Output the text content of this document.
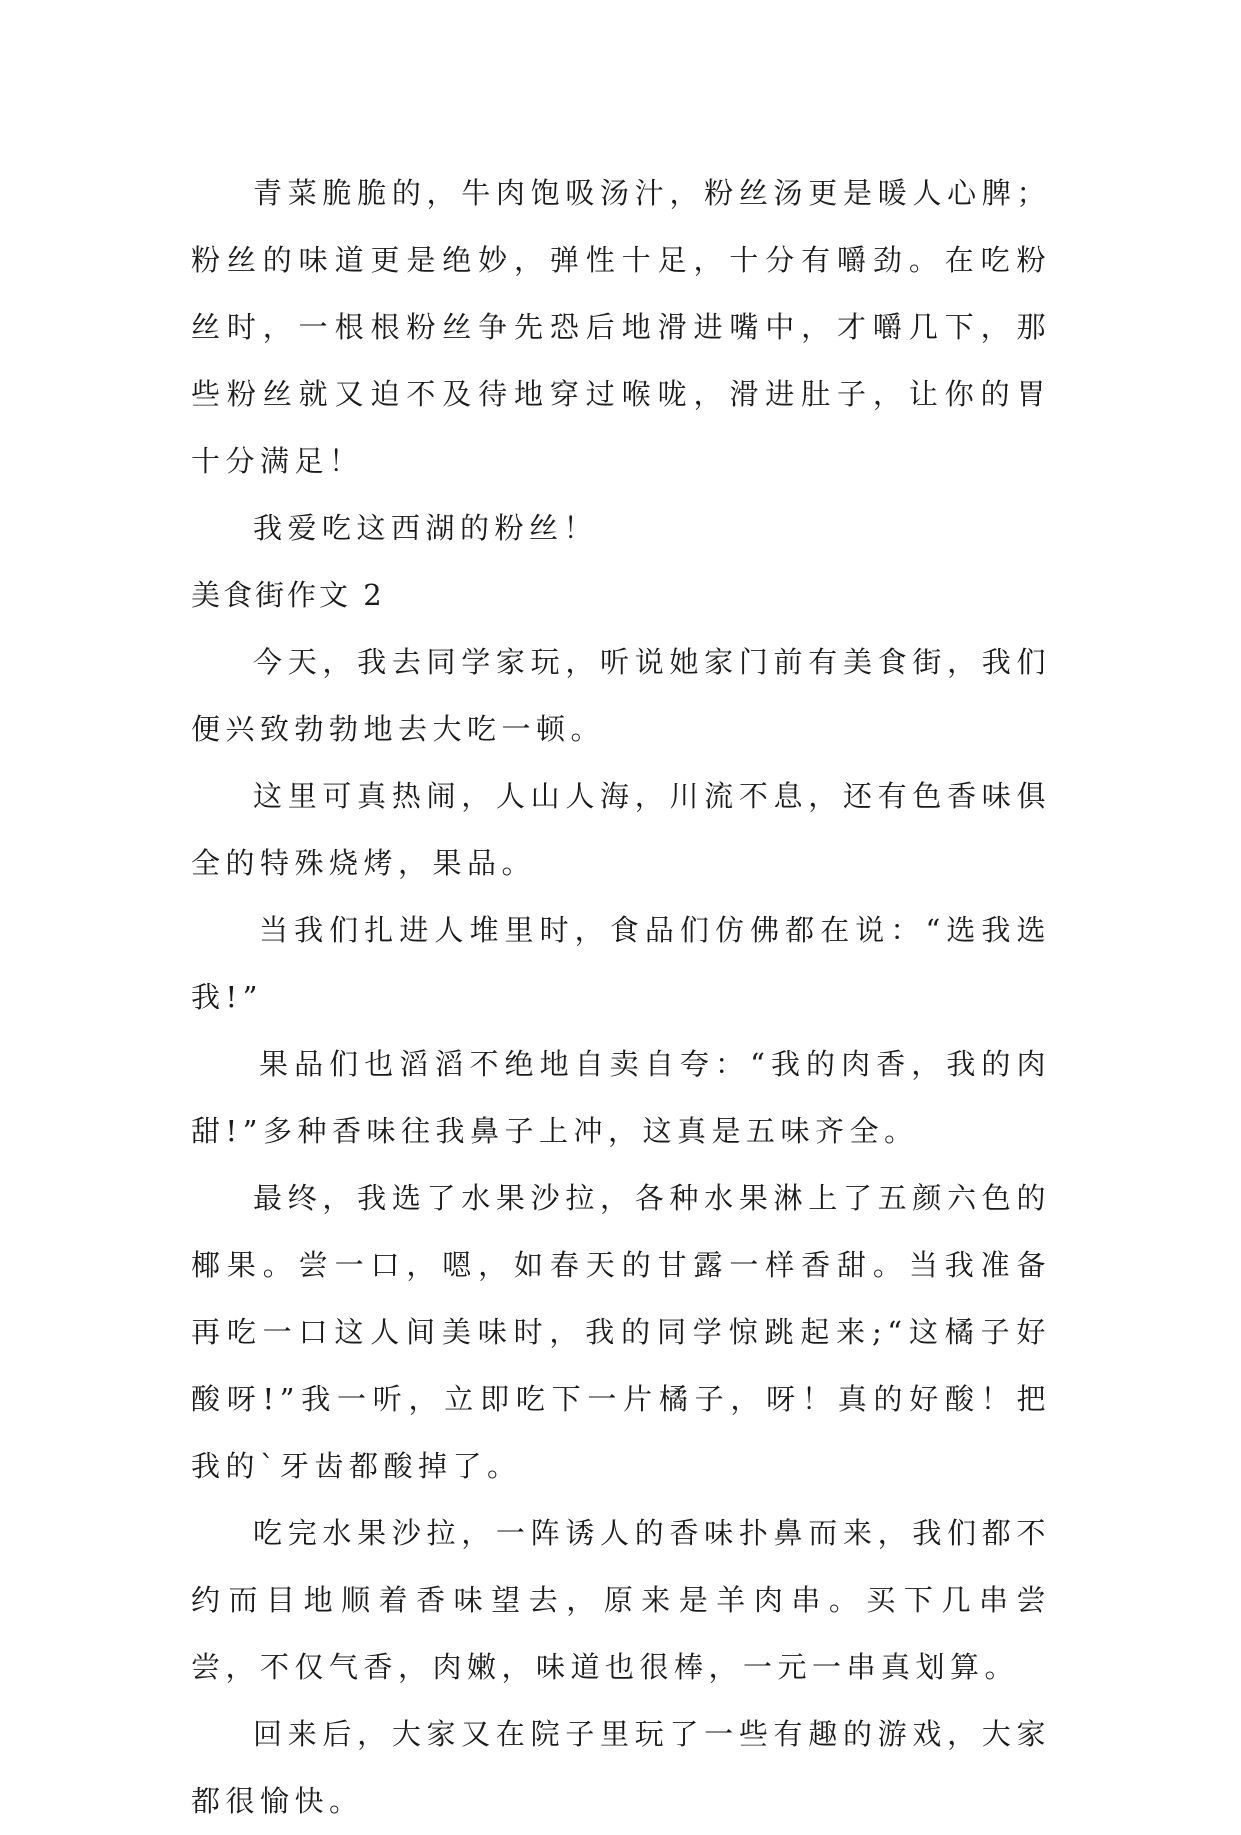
青菜脆脆的，牛肉饱吸汤汁，粉丝汤更是暖人心脾；粉丝的味道更是绝妙，弹性十足，十分有嚼劲。在吃粉丝时，一根根粉丝争先恐后地滑进嘴中，才嚼几下，那些粉丝就又迫不及待地穿过喉咙，滑进肚子，让你的胃十分满足！

我爱吃这西湖的粉丝！

美食街作文 2

今天，我去同学家玩，听说她家门前有美食街，我们便兴致勃勃地去大吃一顿。

这里可真热闹，人山人海，川流不息，还有色香味俱全的特殊烧烤，果品。

当我们扎进人堆里时，食品们仿佛都在说：“选我选我!”

果品们也滔滔不绝地自卖自夸：“我的肉香，我的肉甜!”多种香味往我鼻子上冲，这真是五味齐全。

最终，我选了水果沙拉，各种水果淋上了五颜六色的椰果。尝一口，嗯，如春天的甘露一样香甜。当我准备再吃一口这人间美味时，我的同学惊跳起来;“这橘子好酸呀!”我一听，立即吃下一片橘子，呀！真的好酸！把我的`牙齿都酸掉了。

吃完水果沙拉，一阵诱人的香味扑鼻而来，我们都不约而目地顺着香味望去，原来是羊肉串。买下几串尝尝，不仅气香，肉嫩，味道也很棒，一元一串真划算。

回来后，大家又在院子里玩了一些有趣的游戏，大家都很愉快。
